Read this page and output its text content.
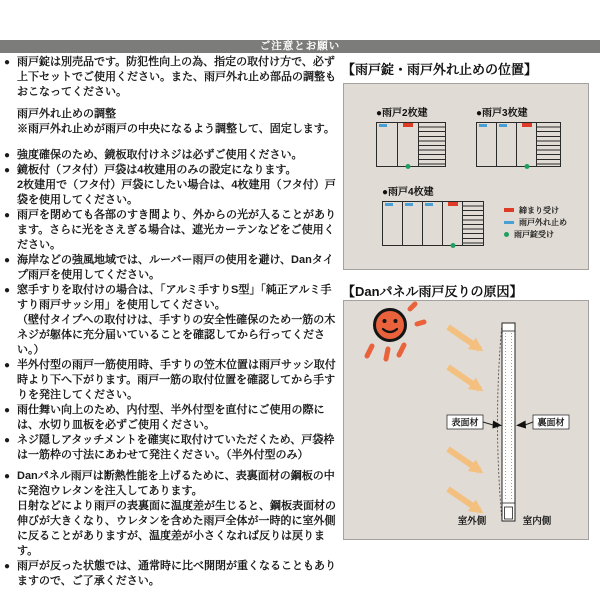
ご注意とお願い
● 雨戸錠は別売品です。防犯性向上の為、指定の取付け方で、必ず上下セットでご使用ください。また、雨戸外れ止め部品の調整もおこなってください。
雨戸外れ止めの調整
※雨戸外れ止めが雨戸の中央になるよう調整して、固定します。
● 強度確保のため、鏡板取付けネジは必ずご使用ください。
● 鏡板付（フタ付）戸袋は4枚建用のみの設定になります。
2枚建用で（フタ付）戸袋にしたい場合は、4枚建用（フタ付）戸袋を使用してください。
● 雨戸を閉めても各部のすき間より、外からの光が入ることがあります。さらに光をさえぎる場合は、遮光カーテンなどをご使用ください。
● 海岸などの強風地域では、ルーバー雨戸の使用を避け、Danタイプ雨戸を使用してください。
● 窓手すりを取付けの場合は、「アルミ手すりS型」「純正アルミ手すり雨戸サッシ用」を使用してください。
（壁付タイプへの取付けは、手すりの安全性確保のため一筋の木ネジが躯体に充分届いていることを確認してから行ってください。）
● 半外付型の雨戸一筋使用時、手すりの笠木位置は雨戸サッシ取付時より下へ下がります。雨戸一筋の取付位置を確認してから手すりを発注してください。
● 雨仕舞い向上のため、内付型、半外付型を直付にご使用の際には、水切り皿板を必ずご使用ください。
● ネジ隠しアタッチメントを確実に取付けていただくため、戸袋枠は一筋枠の寸法にあわせて発注ください。（半外付型のみ）
● Danパネル雨戸は断熱性能を上げるために、表裏面材の鋼板の中に発泡ウレタンを注入してあります。
日射などにより雨戸の表裏面に温度差が生じると、鋼板表面材の伸びが大きくなり、ウレタンを含めた雨戸全体が一時的に室外側に反ることがありますが、温度差が小さくなれば反りは戻ります。
● 雨戸が反った状態では、通常時に比べ開閉が重くなることもありますので、ご了承ください。
【雨戸錠・雨戸外れ止めの位置】
締まり受け
雨戸外れ止め
雨戸錠受け
●雨戸2枚建	●雨戸3枚建
●雨戸4枚建
【Danパネル雨戸反りの原因】
表面材	裏面材
室外側	室内側
